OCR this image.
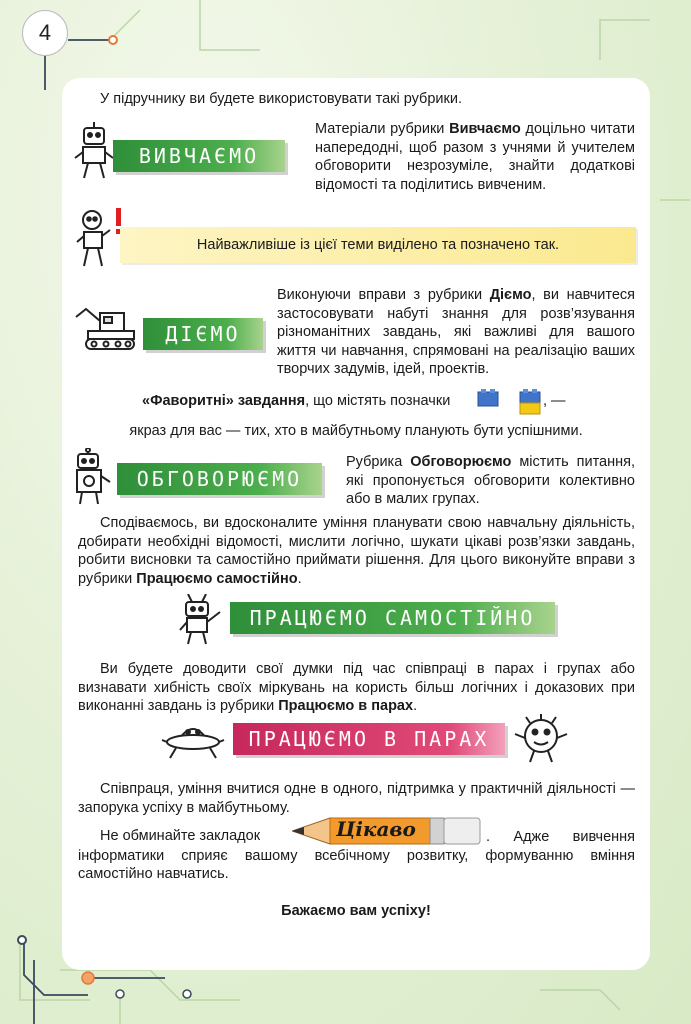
4
У підручнику ви будете використовувати такі рубрики.
ВИВЧАЄМО
Матеріали рубрики Вивчаємо доцільно читати напередодні, щоб разом з учнями й учителем обговорити незрозуміле, знайти додаткові відомості та поділитись вивченим.
Найважливіше із цієї теми виділено та позначено так.
ДІЄМО
Виконуючи вправи з рубрики Діємо, ви навчитеся застосовувати набуті знання для розв’язування різноманітних завдань, які важливі для вашого життя чи навчання, спрямовані на реалізацію ваших творчих задумів, ідей, проектів.
«Фаворитні» завдання, що містять позначки	, —
якраз для вас — тих, хто в майбутньому планують бути успішними.
ОБГОВОРЮЄМО
Рубрика Обговорюємо містить питання, які пропонується обговорити колективно або в малих групах.
Сподіваємось, ви вдосконалите уміння планувати свою навчальну діяльність, добирати необхідні відомості, мислити логічно, шукати цікаві розв’язки завдань, робити висновки та самостійно приймати рішення. Для цього виконуйте вправи з рубрики Працюємо самостійно.
ПРАЦЮЄМО САМОСТІЙНО
Ви будете доводити свої думки під час співпраці в парах і групах або визнавати хибність своїх міркувань на користь більш логічних і доказових при виконанні завдань із рубрики Працюємо в парах.
ПРАЦЮЄМО В ПАРАХ
Співпраця, уміння вчитися одне в одного, підтримка у практичній діяльності — запорука успіху в майбутньому.
Не обминайте закладок	Цікаво	. Адже вивчення інформатики сприяє вашому всебічному розвитку, формуванню вміння самостійно навчатись.
Бажаємо вам успіху!
